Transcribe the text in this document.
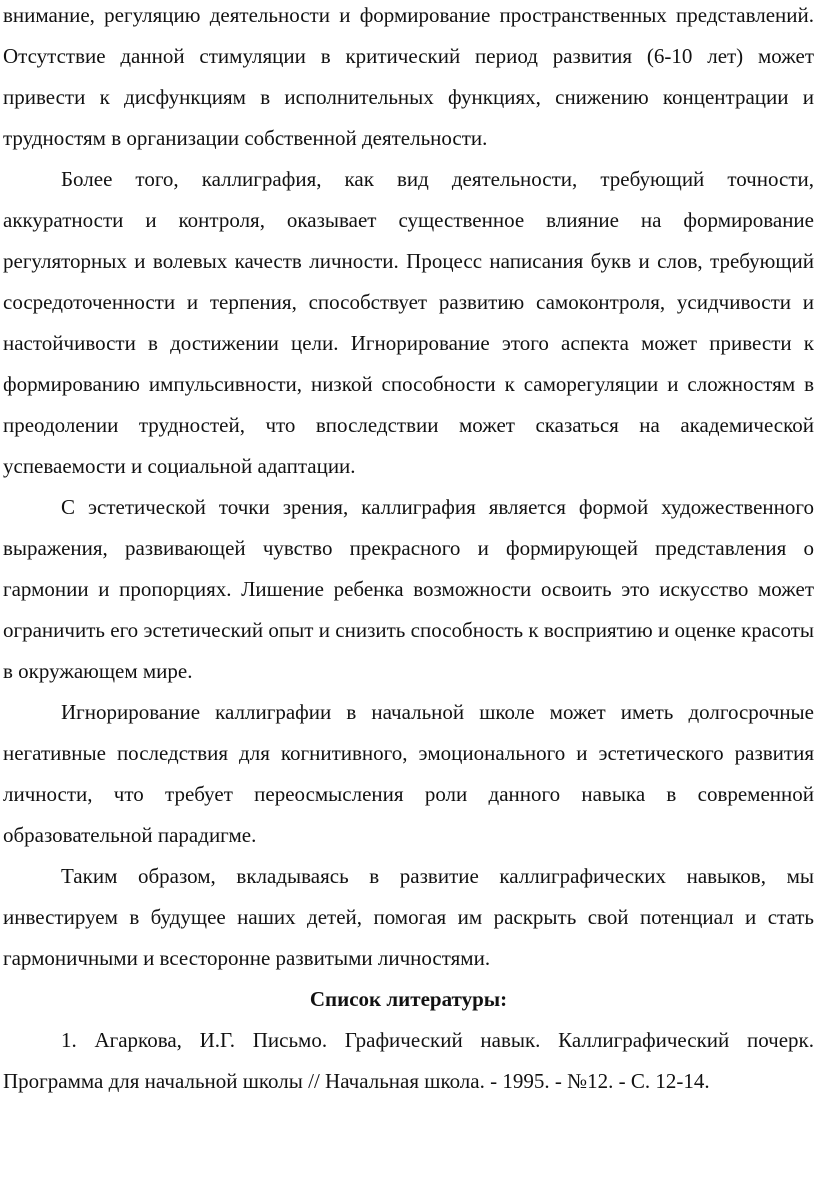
внимание, регуляцию деятельности и формирование пространственных представлений. Отсутствие данной стимуляции в критический период развития (6-10 лет) может привести к дисфункциям в исполнительных функциях, снижению концентрации и трудностям в организации собственной деятельности.

Более того, каллиграфия, как вид деятельности, требующий точности, аккуратности и контроля, оказывает существенное влияние на формирование регуляторных и волевых качеств личности. Процесс написания букв и слов, требующий сосредоточенности и терпения, способствует развитию самоконтроля, усидчивости и настойчивости в достижении цели. Игнорирование этого аспекта может привести к формированию импульсивности, низкой способности к саморегуляции и сложностям в преодолении трудностей, что впоследствии может сказаться на академической успеваемости и социальной адаптации.

С эстетической точки зрения, каллиграфия является формой художественного выражения, развивающей чувство прекрасного и формирующей представления о гармонии и пропорциях. Лишение ребенка возможности освоить это искусство может ограничить его эстетический опыт и снизить способность к восприятию и оценке красоты в окружающем мире.

Игнорирование каллиграфии в начальной школе может иметь долгосрочные негативные последствия для когнитивного, эмоционального и эстетического развития личности, что требует переосмысления роли данного навыка в современной образовательной парадигме.

Таким образом, вкладываясь в развитие каллиграфических навыков, мы инвестируем в будущее наших детей, помогая им раскрыть свой потенциал и стать гармоничными и всесторонне развитыми личностями.

Список литературы:

1. Агаркова, И.Г. Письмо. Графический навык. Каллиграфический почерк. Программа для начальной школы // Начальная школа. - 1995. - №12. - С. 12-14.
